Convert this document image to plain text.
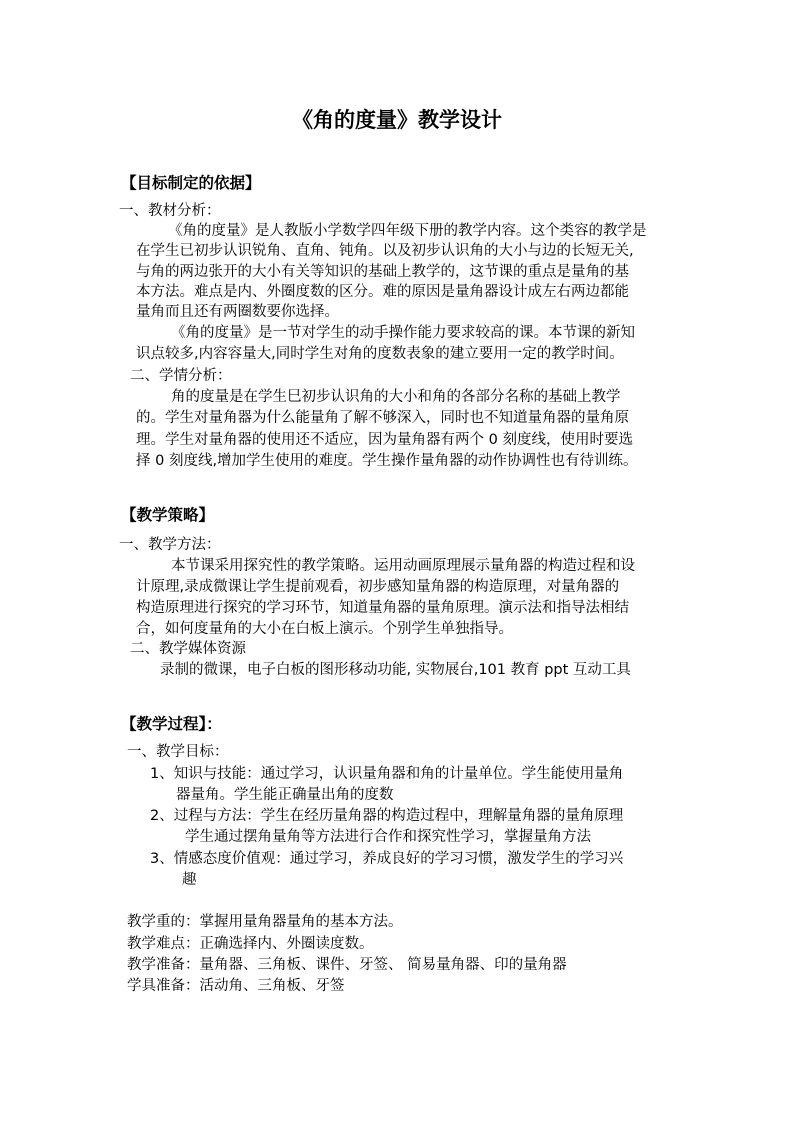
《角的度量》教学设计
【目标制定的依据】
一、教材分析：
《角的度量》是人教版小学数学四年级下册的教学内容。这个类容的教学是
在学生已初步认识锐角、直角、钝角。以及初步认识角的大小与边的长短无关,
与角的两边张开的大小有关等知识的基础上教学的，这节课的重点是量角的基
本方法。难点是内、外圈度数的区分。难的原因是量角器设计成左右两边都能
量角而且还有两圈数要你选择。
《角的度量》是一节对学生的动手操作能力要求较高的课。本节课的新知
识点较多,内容容量大,同时学生对角的度数表象的建立要用一定的教学时间。
二、学情分析：
角的度量是在学生巳初步认识角的大小和角的各部分名称的基础上教学
的。学生对量角器为什么能量角了解不够深入，同时也不知道量角器的量角原
理。学生对量角器的使用还不适应，因为量角器有两个 0 刻度线，使用时要选
择 0 刻度线,增加学生使用的难度。学生操作量角器的动作协调性也有待训练。
【教学策略】
一、教学方法：
本节课采用探究性的教学策略。运用动画原理展示量角器的构造过程和设
计原理,录成微课让学生提前观看，初步感知量角器的构造原理，对量角器的
构造原理进行探究的学习环节，知道量角器的量角原理。演示法和指导法相结
合，如何度量角的大小在白板上演示。个别学生单独指导。
二、教学媒体资源
录制的微课，电子白板的图形移动功能, 实物展台,101 教育 ppt 互动工具
【教学过程】：
一、教学目标：
1、知识与技能：通过学习，认识量角器和角的计量单位。学生能使用量角
器量角。学生能正确量出角的度数
2、过程与方法：学生在经历量角器的构造过程中，理解量角器的量角原理
学生通过摆角量角等方法进行合作和探究性学习，掌握量角方法
3、情感态度价值观：通过学习，养成良好的学习习惯，激发学生的学习兴
趣
教学重的：掌握用量角器量角的基本方法。
教学难点：正确选择内、外圈读度数。
教学准备：量角器、三角板、课件、牙签、 简易量角器、印的量角器
学具准备：活动角、三角板、牙签
